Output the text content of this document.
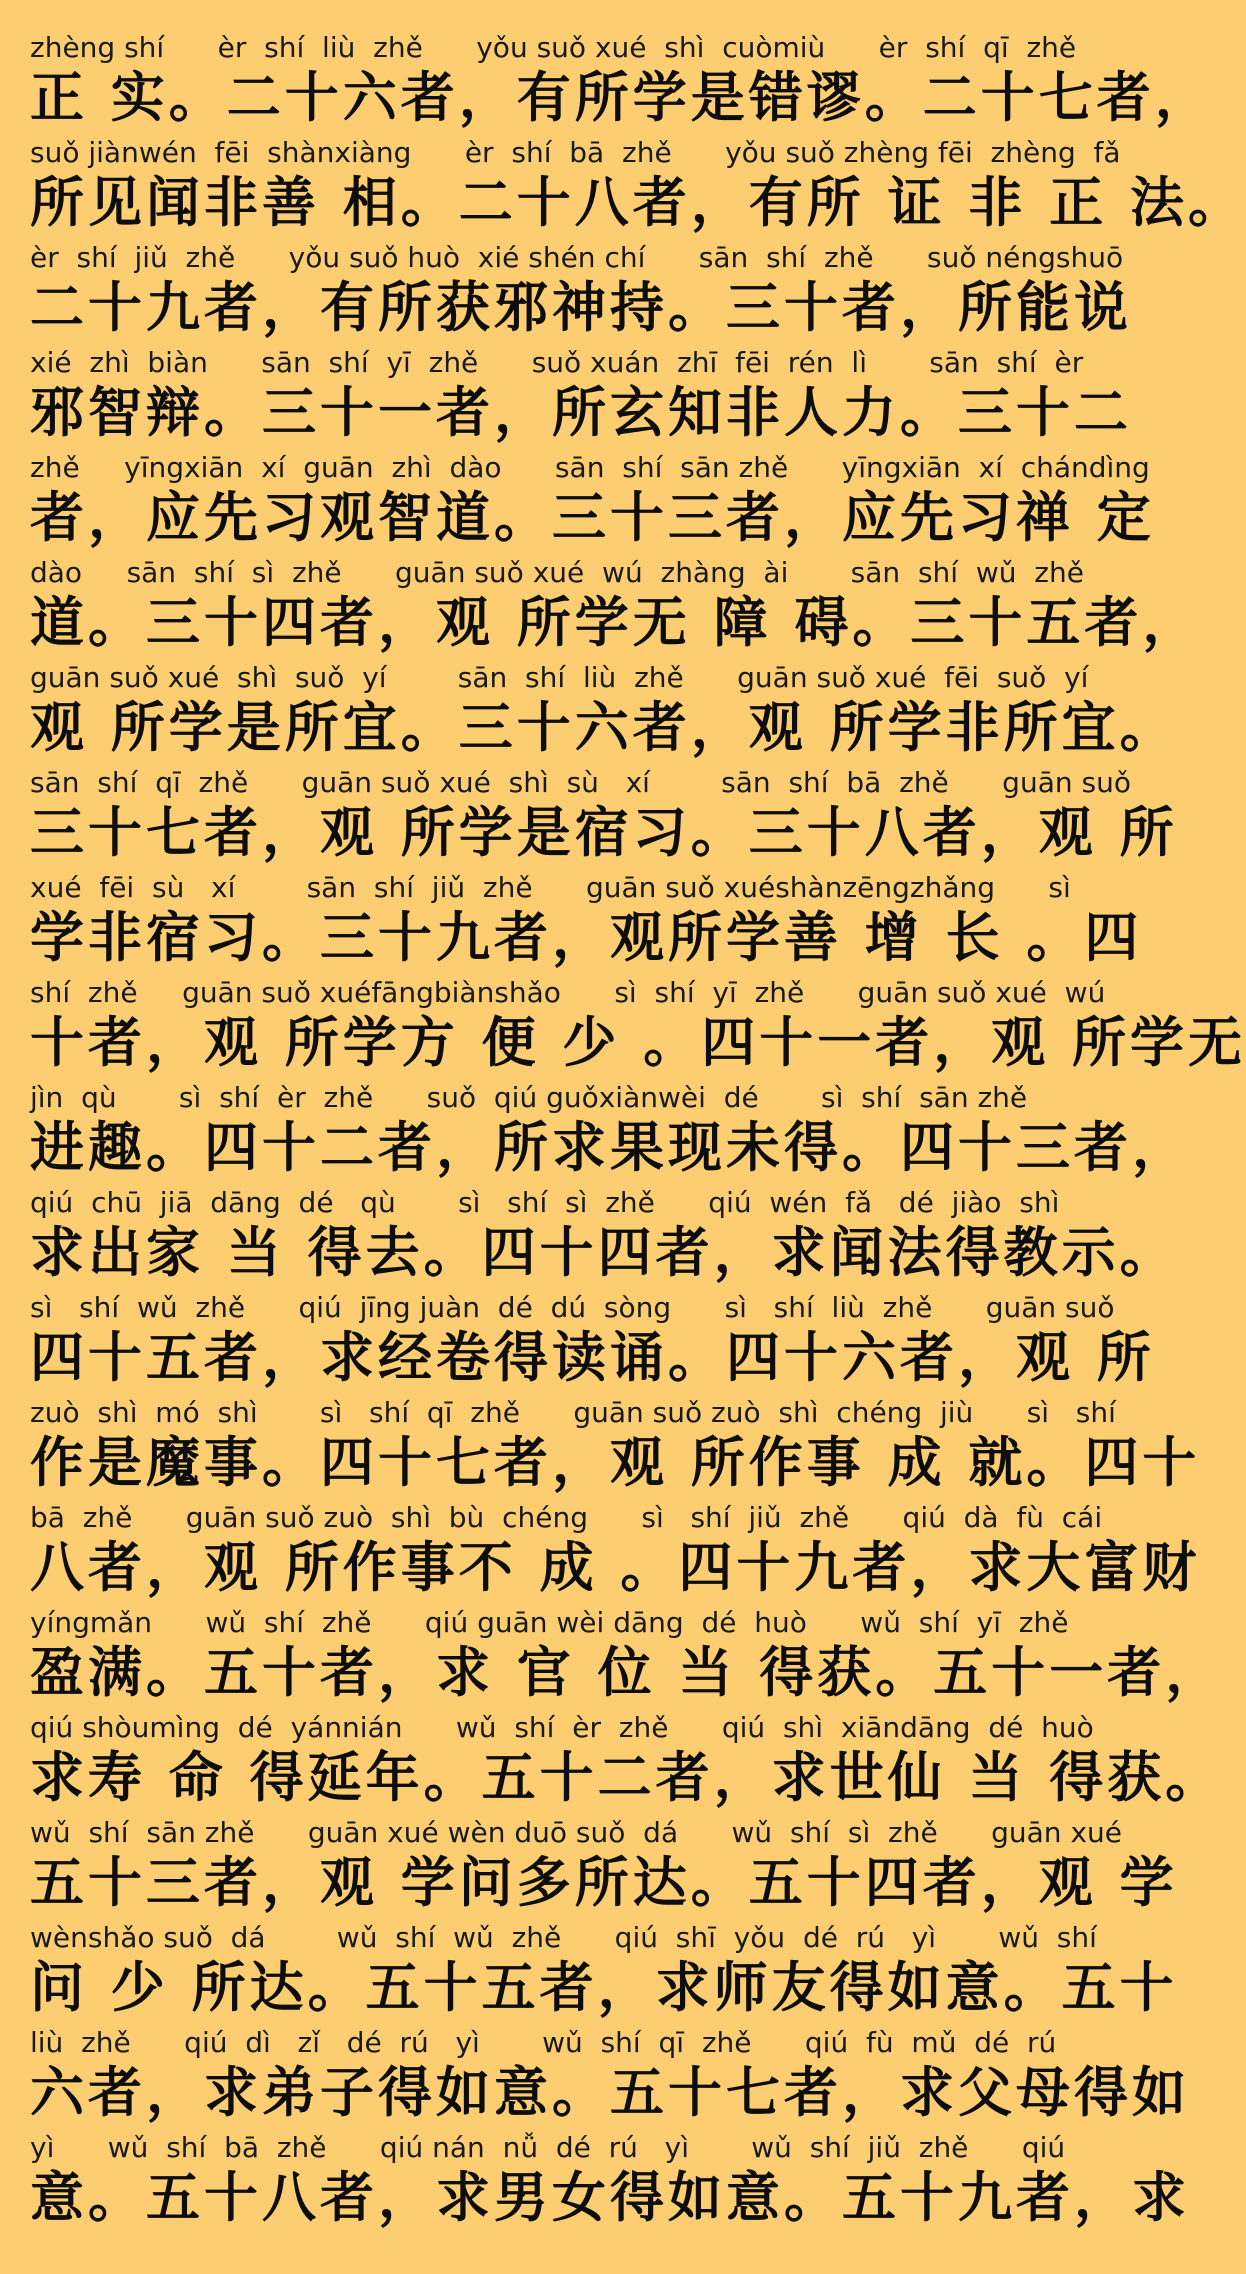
zhèng shí      èr  shí  liù  zhě      yǒu suǒ xué  shì  cuòmiù      èr  shí  qī  zhě
正 实。二十六者，有所学是错谬。二十七者，
suǒ jiànwén  fēi  shànxiàng      èr  shí  bā  zhě      yǒu suǒ zhèng fēi  zhèng  fǎ
所见闻非善 相。二十八者，有所 证 非 正 法。
èr  shí  jiǔ  zhě      yǒu suǒ huò  xié shén chí      sān  shí  zhě      suǒ néngshuō
二十九者，有所获邪神持。三十者，所能说
xié  zhì  biàn      sān  shí  yī  zhě      suǒ xuán  zhī  fēi  rén  lì       sān  shí  èr
邪智辩。三十一者，所玄知非人力。三十二
zhě     yīngxiān  xí  guān  zhì  dào      sān  shí  sān zhě      yīngxiān  xí  chándìng
者，应先习观智道。三十三者，应先习禅 定
dào     sān  shí  sì  zhě      guān suǒ xué  wú  zhàng  ài       sān  shí  wǔ  zhě
道。三十四者，观 所学无 障 碍。三十五者，
guān suǒ xué  shì  suǒ  yí        sān  shí  liù  zhě      guān suǒ xué  fēi  suǒ  yí
观 所学是所宜。三十六者，观 所学非所宜。
sān  shí  qī  zhě      guān suǒ xué  shì  sù   xí        sān  shí  bā  zhě      guān suǒ
三十七者，观 所学是宿习。三十八者，观 所
xué  fēi  sù   xí        sān  shí  jiǔ  zhě      guān suǒ xuéshànzēngzhǎng      sì
学非宿习。三十九者，观所学善 增 长 。四
shí  zhě     guān suǒ xuéfāngbiànshǎo      sì  shí  yī  zhě      guān suǒ xué  wú
十者，观 所学方 便 少 。四十一者，观 所学无
jìn  qù       sì  shí  èr  zhě      suǒ  qiú guǒxiànwèi  dé       sì  shí  sān zhě
进趣。四十二者，所求果现未得。四十三者，
qiú  chū  jiā  dāng  dé   qù       sì   shí  sì  zhě      qiú  wén  fǎ   dé  jiào  shì
求出家 当 得去。四十四者，求闻法得教示。
sì   shí  wǔ  zhě      qiú  jīng juàn  dé  dú  sòng      sì   shí  liù  zhě      guān suǒ
四十五者，求经卷得读诵。四十六者，观 所
zuò  shì  mó  shì       sì   shí  qī  zhě      guān suǒ zuò  shì  chéng  jiù      sì   shí
作是魔事。四十七者，观 所作事 成 就。四十
bā  zhě      guān suǒ zuò  shì  bù  chéng      sì   shí  jiǔ  zhě      qiú  dà  fù  cái
八者，观 所作事不 成 。四十九者，求大富财
yíngmǎn      wǔ  shí  zhě      qiú guān wèi dāng  dé  huò      wǔ  shí  yī  zhě
盈满。五十者，求 官 位 当 得获。五十一者，
qiú shòumìng  dé  yánnián      wǔ  shí  èr  zhě      qiú  shì  xiāndāng  dé  huò
求寿 命 得延年。五十二者，求世仙 当 得获。
wǔ  shí  sān zhě      guān xué wèn duō suǒ  dá      wǔ  shí  sì  zhě      guān xué
五十三者，观 学问多所达。五十四者，观 学
wènshǎo suǒ  dá        wǔ  shí  wǔ  zhě      qiú  shī  yǒu  dé  rú   yì       wǔ  shí
问 少 所达。五十五者，求师友得如意。五十
liù  zhě      qiú  dì   zǐ   dé  rú   yì       wǔ  shí  qī  zhě      qiú  fù  mǔ  dé  rú
六者，求弟子得如意。五十七者，求父母得如
yì      wǔ  shí  bā  zhě      qiú nán  nǚ  dé  rú   yì       wǔ  shí  jiǔ  zhě      qiú
意。五十八者，求男女得如意。五十九者，求
